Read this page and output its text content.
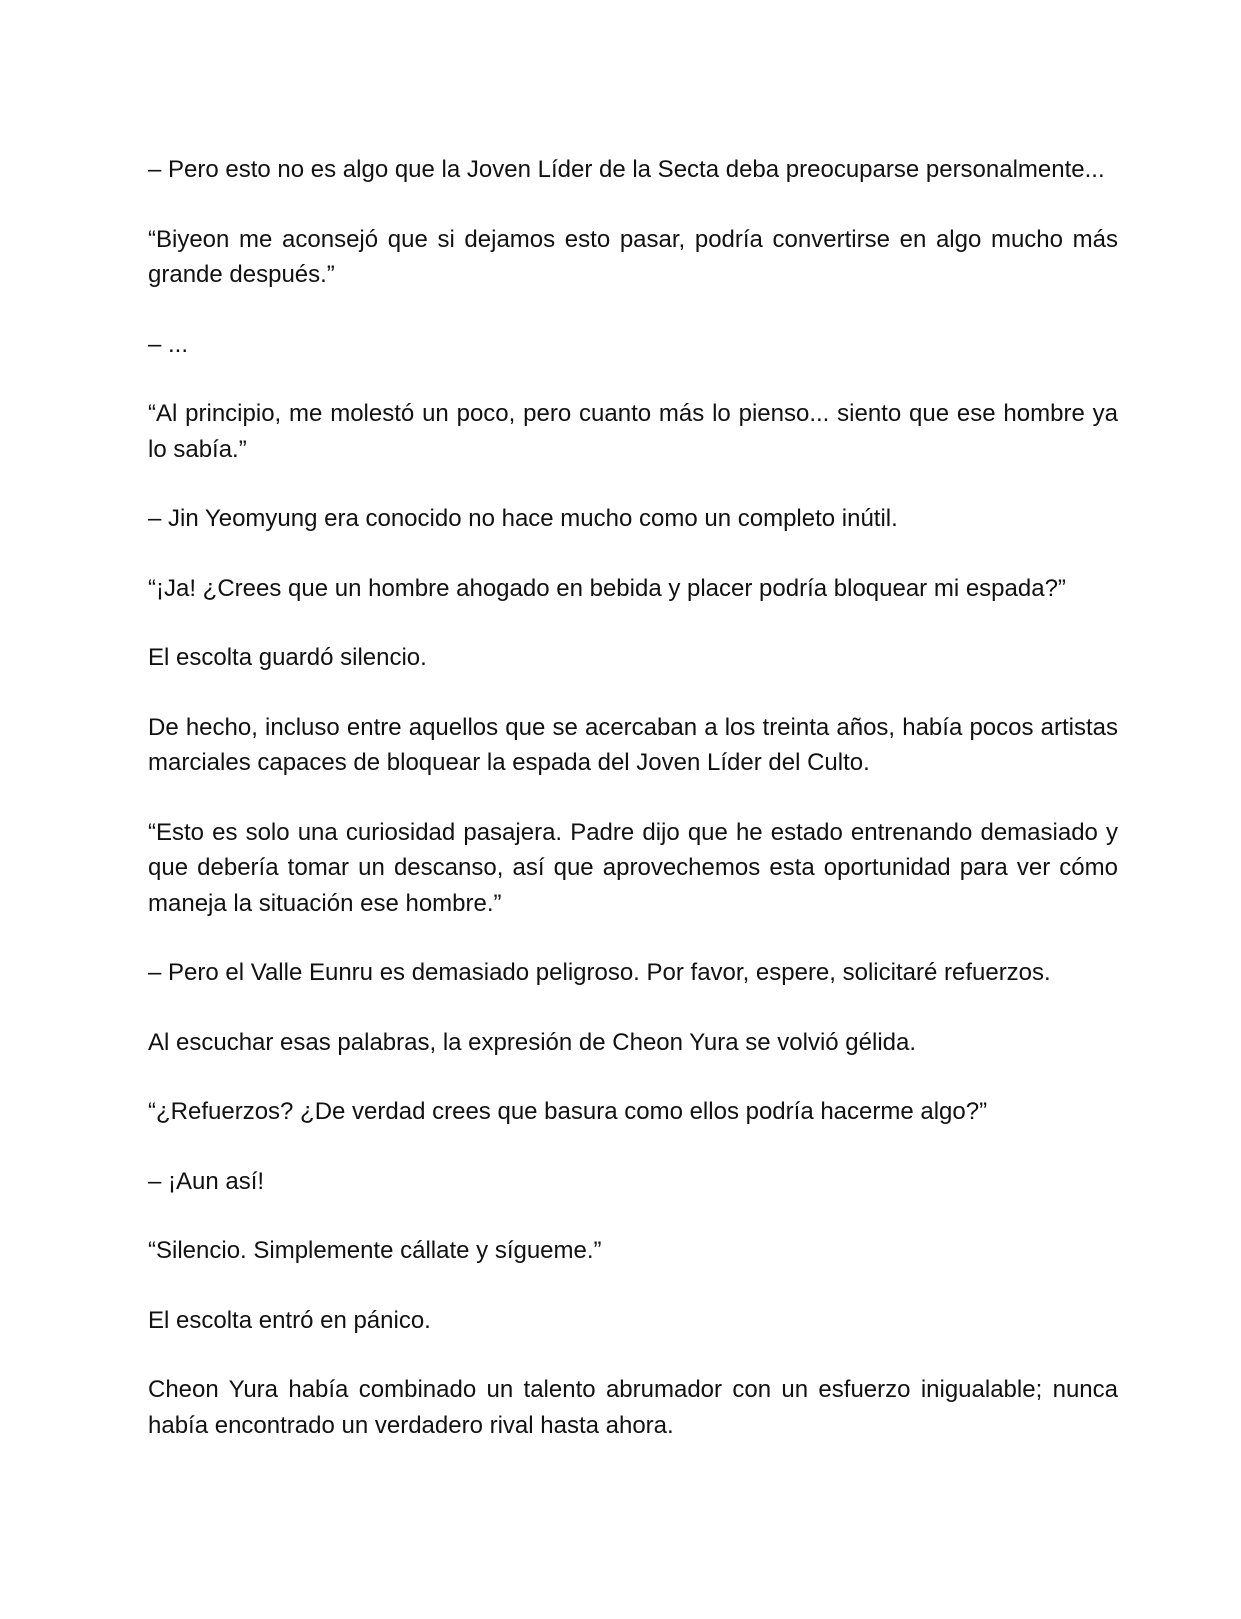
– Pero esto no es algo que la Joven Líder de la Secta deba preocuparse personalmente...

“Biyeon me aconsejó que si dejamos esto pasar, podría convertirse en algo mucho más grande después.”

– ...

“Al principio, me molestó un poco, pero cuanto más lo pienso... siento que ese hombre ya lo sabía.”

– Jin Yeomyung era conocido no hace mucho como un completo inútil.

“¡Ja! ¿Crees que un hombre ahogado en bebida y placer podría bloquear mi espada?”

El escolta guardó silencio.

De hecho, incluso entre aquellos que se acercaban a los treinta años, había pocos artistas marciales capaces de bloquear la espada del Joven Líder del Culto.

“Esto es solo una curiosidad pasajera. Padre dijo que he estado entrenando demasiado y que debería tomar un descanso, así que aprovechemos esta oportunidad para ver cómo maneja la situación ese hombre.”

– Pero el Valle Eunru es demasiado peligroso. Por favor, espere, solicitaré refuerzos.

Al escuchar esas palabras, la expresión de Cheon Yura se volvió gélida.

“¿Refuerzos? ¿De verdad crees que basura como ellos podría hacerme algo?”

– ¡Aun así!

“Silencio. Simplemente cállate y sígueme.”

El escolta entró en pánico.

Cheon Yura había combinado un talento abrumador con un esfuerzo inigualable; nunca había encontrado un verdadero rival hasta ahora.
